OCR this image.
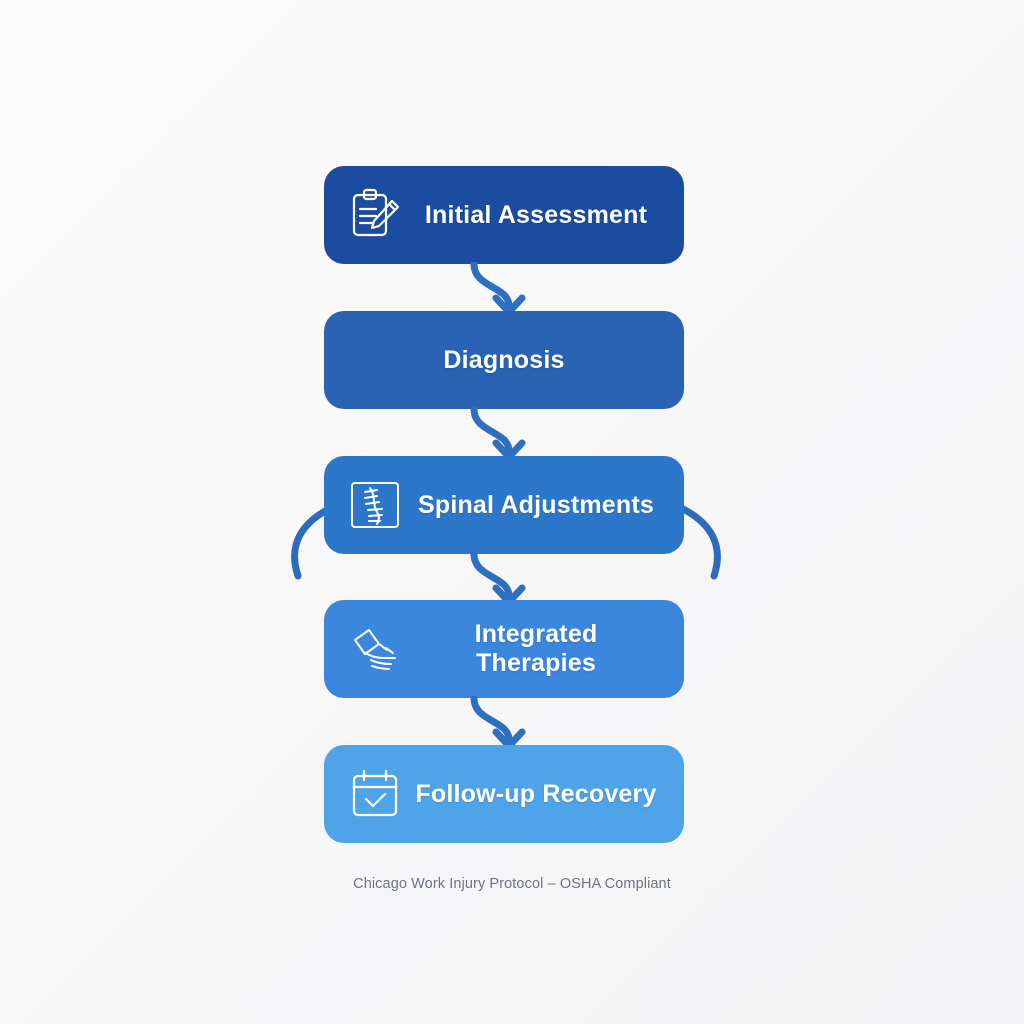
Initial Assessment
Diagnosis
Spinal Adjustments
Integrated Therapies
Follow-up Recovery
Chicago Work Injury Protocol – OSHA Compliant
